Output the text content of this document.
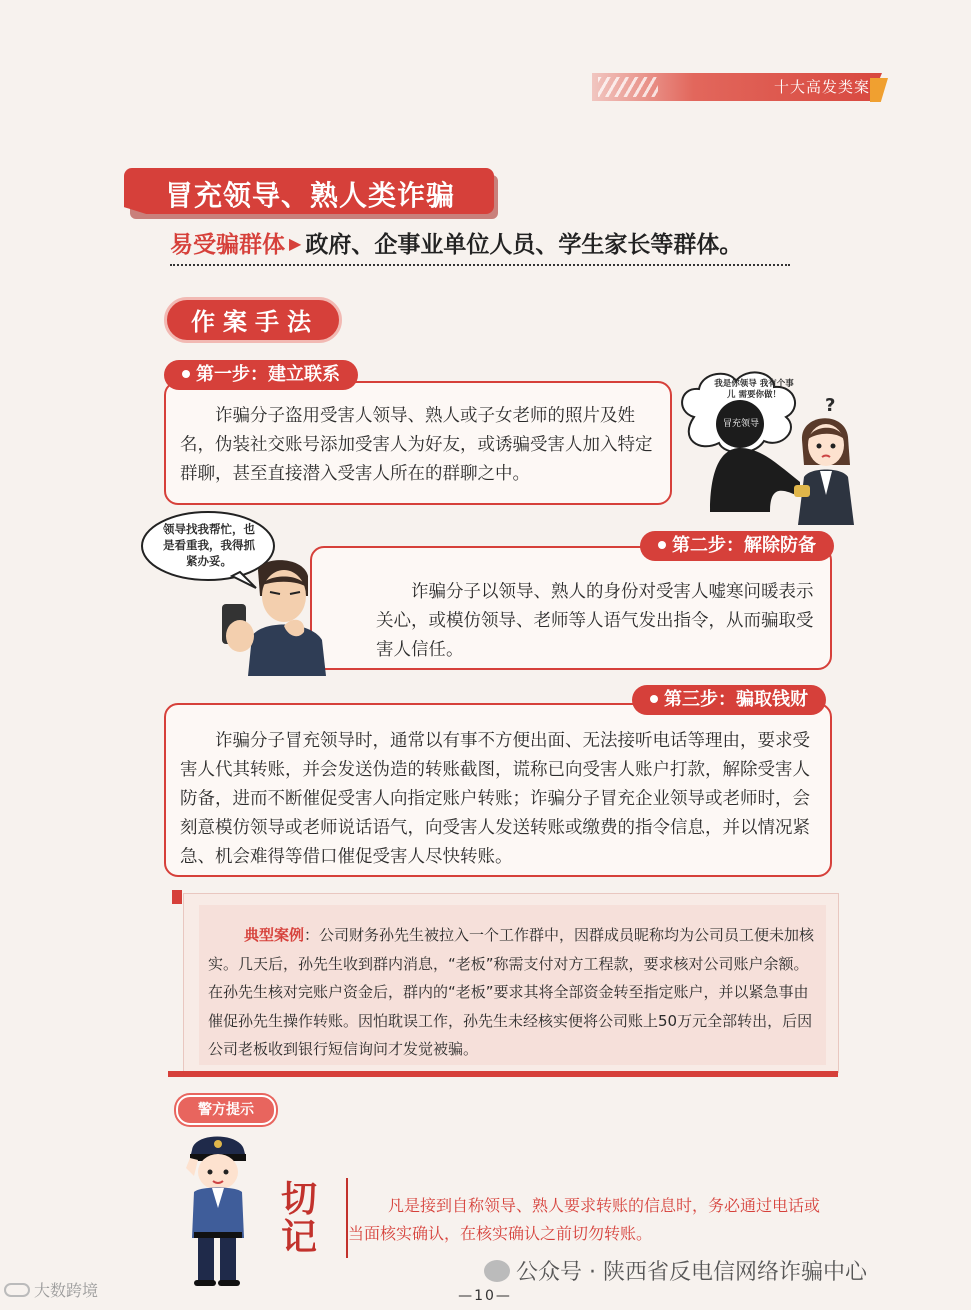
十大高发类案
冒充领导、熟人类诈骗
易受骗群体 ▶ 政府、企事业单位人员、学生家长等群体。
作案手法
第一步：建立联系
诈骗分子盗用受害人领导、熟人或子女老师的照片及姓名，伪装社交账号添加受害人为好友，或诱骗受害人加入特定群聊，甚至直接潜入受害人所在的群聊之中。
我是你领导 我有个事儿 需要你做！
冒充领导
?
第二步：解除防备
诈骗分子以领导、熟人的身份对受害人嘘寒问暖表示关心，或模仿领导、老师等人语气发出指令，从而骗取受害人信任。
领导找我帮忙，也是看重我，我得抓紧办妥。
第三步：骗取钱财
诈骗分子冒充领导时，通常以有事不方便出面、无法接听电话等理由，要求受害人代其转账，并会发送伪造的转账截图，谎称已向受害人账户打款，解除受害人防备，进而不断催促受害人向指定账户转账；诈骗分子冒充企业领导或老师时，会刻意模仿领导或老师说话语气，向受害人发送转账或缴费的指令信息，并以情况紧急、机会难得等借口催促受害人尽快转账。
典型案例：公司财务孙先生被拉入一个工作群中，因群成员昵称均为公司员工便未加核实。几天后，孙先生收到群内消息，“老板”称需支付对方工程款，要求核对公司账户余额。在孙先生核对完账户资金后，群内的“老板”要求其将全部资金转至指定账户，并以紧急事由催促孙先生操作转账。因怕耽误工作，孙先生未经核实便将公司账上50万元全部转出，后因公司老板收到银行短信询问才发觉被骗。
警方提示
切记
凡是接到自称领导、熟人要求转账的信息时，务必通过电话或当面核实确认，在核实确认之前切勿转账。
公众号 · 陕西省反电信网络诈骗中心
—10—
大数跨境
